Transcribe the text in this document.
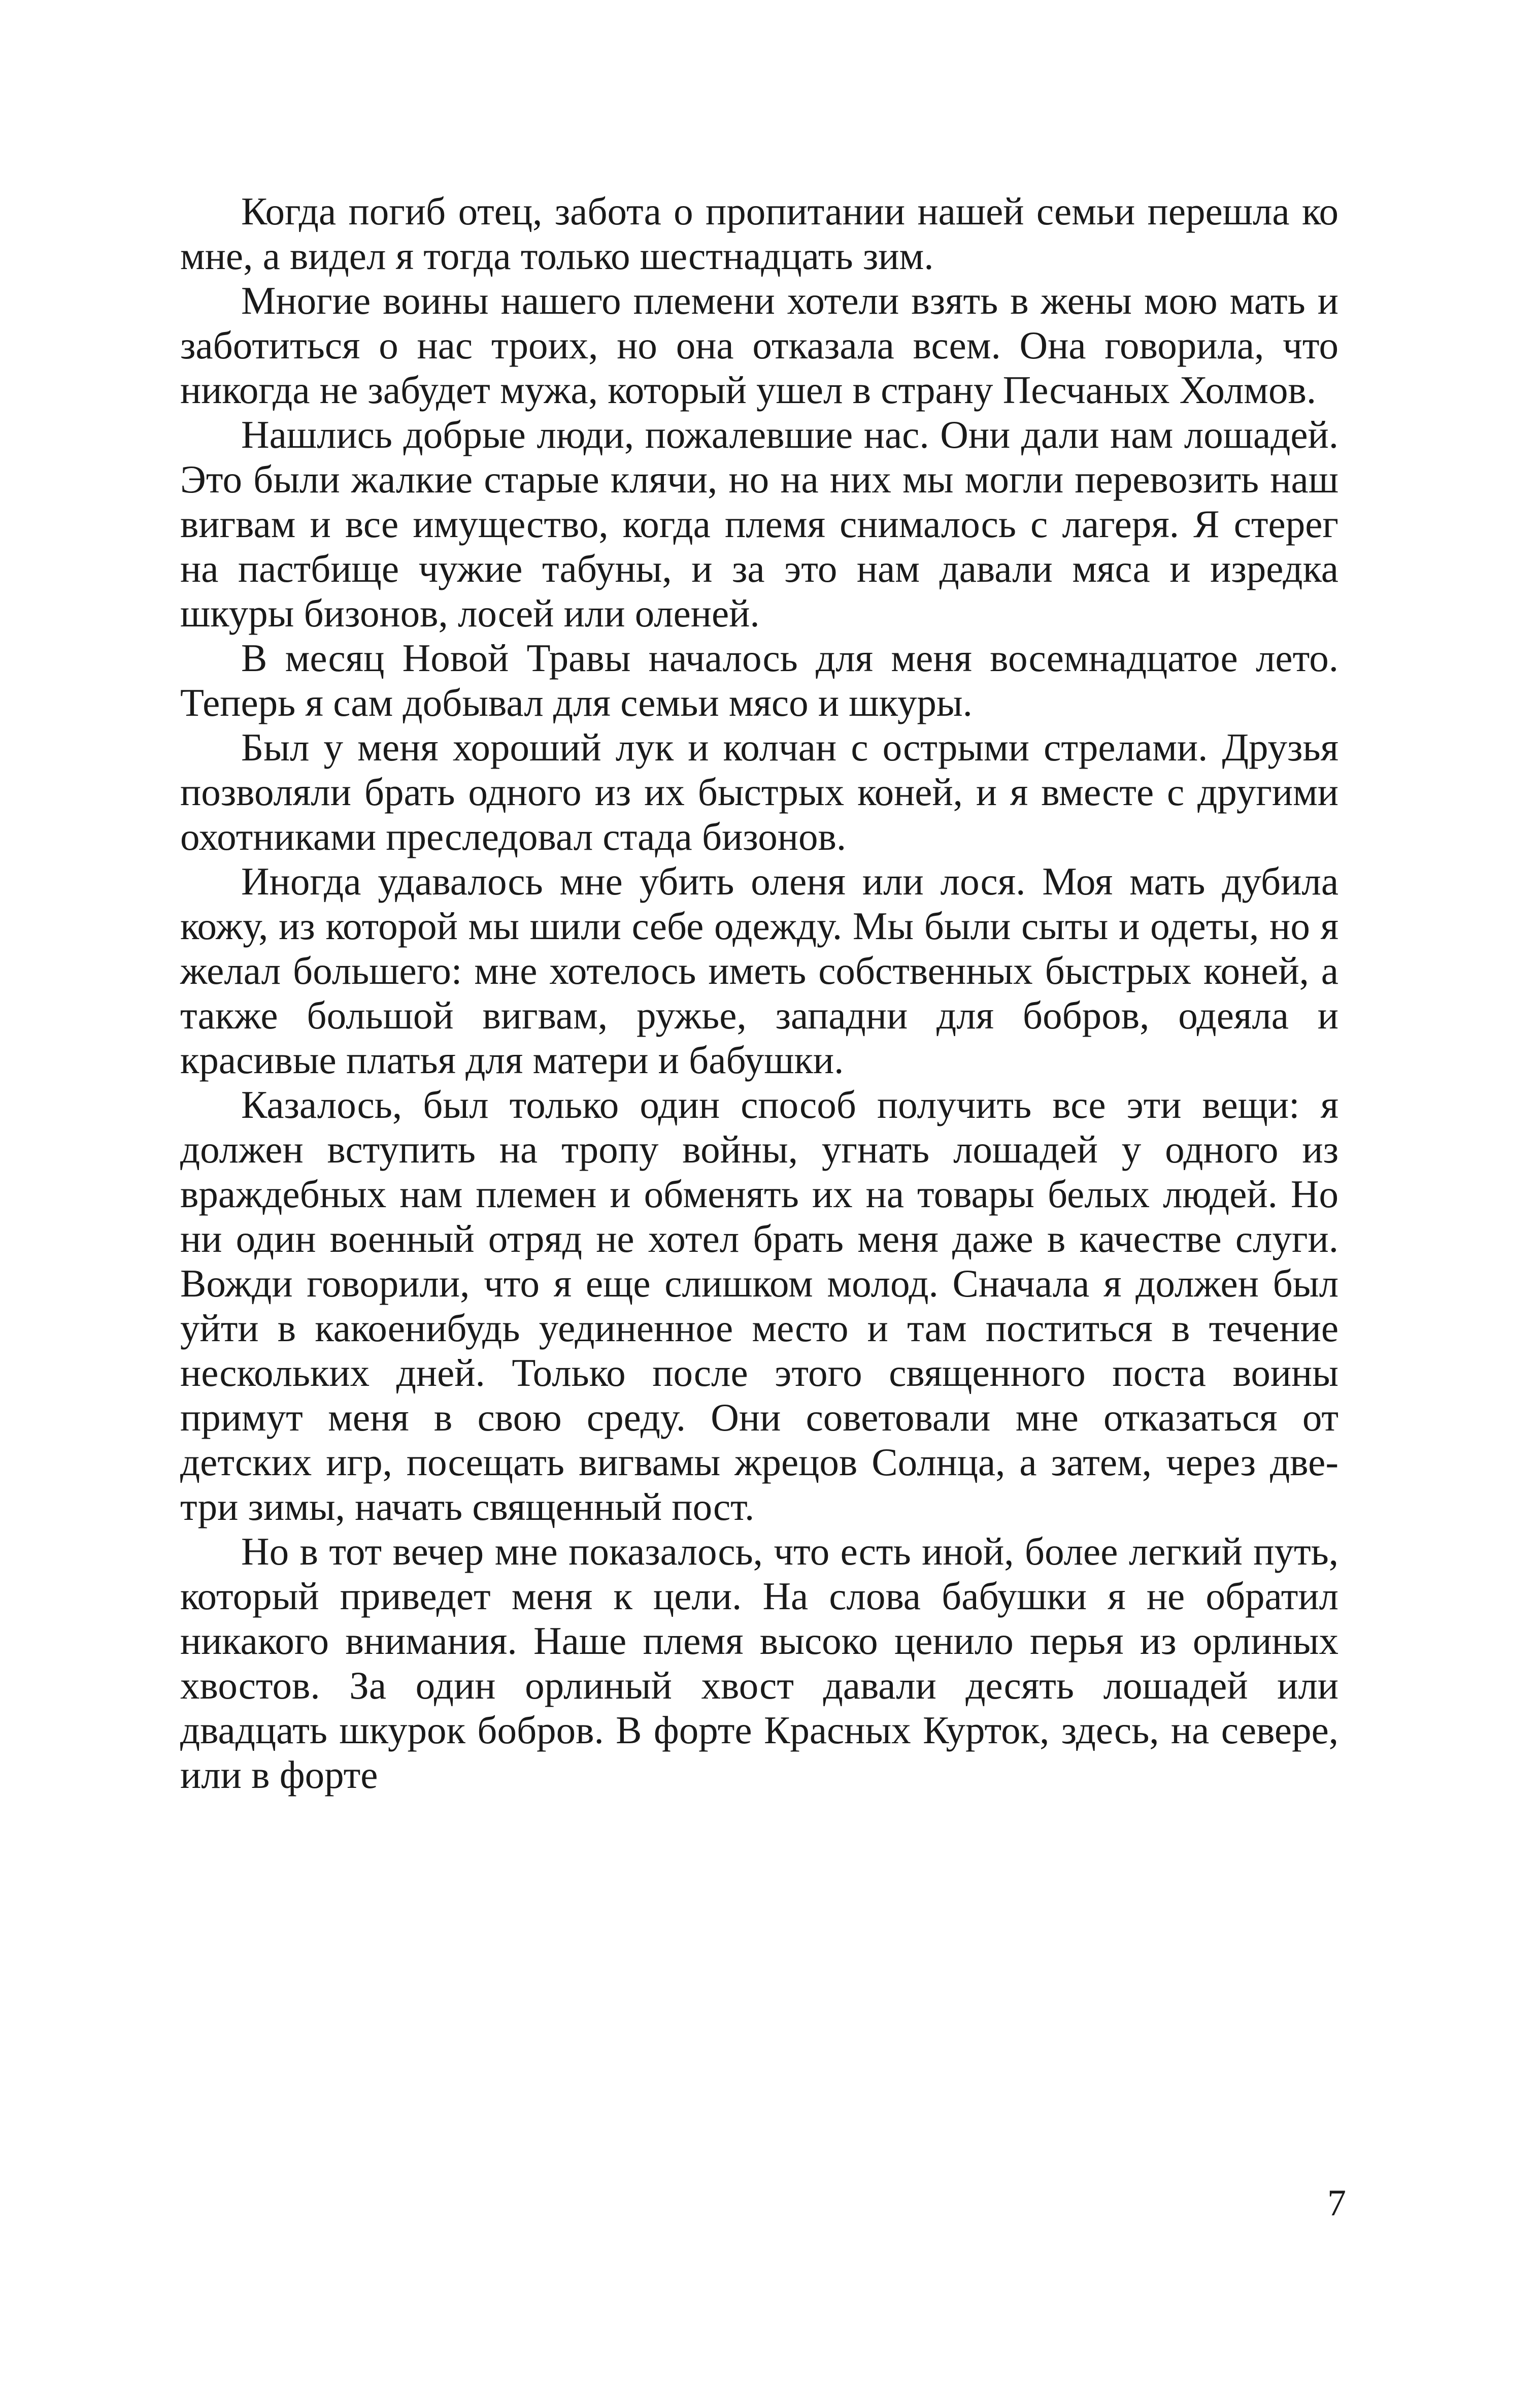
Когда погиб отец, забота о пропитании нашей семьи перешла ко мне, а видел я тогда только шестнадцать зим.

Многие воины нашего племени хотели взять в жены мою мать и заботиться о нас троих, но она отказала всем. Она говорила, что никогда не забудет мужа, который ушел в страну Песчаных Холмов.

Нашлись добрые люди, пожалевшие нас. Они дали нам лошадей. Это были жалкие старые клячи, но на них мы могли перевозить наш вигвам и все имущество, когда племя снималось с лагеря. Я стерег на пастбище чужие табуны, и за это нам давали мяса и изредка шкуры бизонов, лосей или оленей.

В месяц Новой Травы началось для меня восемнадцатое лето. Теперь я сам добывал для семьи мясо и шкуры.

Был у меня хороший лук и колчан с острыми стрелами. Друзья позволяли брать одного из их быстрых коней, и я вместе с другими охотниками преследовал стада бизонов.

Иногда удавалось мне убить оленя или лося. Моя мать дубила кожу, из которой мы шили себе одежду. Мы были сыты и одеты, но я желал большего: мне хотелось иметь собственных быстрых коней, а также большой вигвам, ружье, западни для бобров, одеяла и красивые платья для матери и бабушки.

Казалось, был только один способ получить все эти вещи: я должен вступить на тропу войны, угнать лошадей у одного из враждебных нам племен и обменять их на товары белых людей. Но ни один военный отряд не хотел брать меня даже в качестве слуги. Вожди говорили, что я еще слишком молод. Сначала я должен был уйти в какоенибудь уединенное место и там поститься в течение нескольких дней. Только после этого священного поста воины примут меня в свою среду. Они советовали мне отказаться от детских игр, посещать вигвамы жрецов Солнца, а затем, через две-три зимы, начать священный пост.

Но в тот вечер мне показалось, что есть иной, более легкий путь, который приведет меня к цели. На слова бабушки я не обратил никакого внимания. Наше племя высоко ценило перья из орлиных хвостов. За один орлиный хвост давали десять лошадей или двадцать шкурок бобров. В форте Красных Курток, здесь, на севере, или в форте

7
